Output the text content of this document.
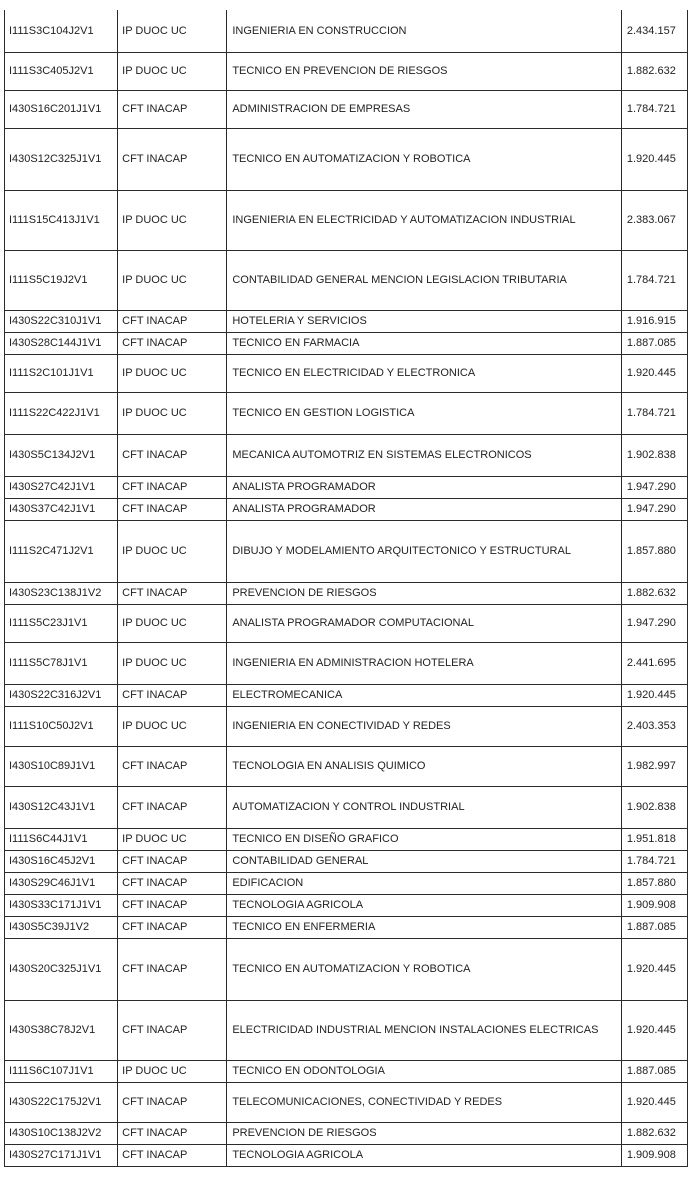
I111S3C104J2V1	IP DUOC UC	INGENIERIA EN CONSTRUCCION	2.434.157
I111S3C405J2V1	IP DUOC UC	TECNICO EN PREVENCION DE RIESGOS	1.882.632
I430S16C201J1V1	CFT INACAP	ADMINISTRACION DE EMPRESAS	1.784.721
I430S12C325J1V1	CFT INACAP	TECNICO EN AUTOMATIZACION Y ROBOTICA	1.920.445
I111S15C413J1V1	IP DUOC UC	INGENIERIA EN ELECTRICIDAD Y AUTOMATIZACION INDUSTRIAL	2.383.067
I111S5C19J2V1	IP DUOC UC	CONTABILIDAD GENERAL MENCION LEGISLACION TRIBUTARIA	1.784.721
I430S22C310J1V1	CFT INACAP	HOTELERIA Y SERVICIOS	1.916.915
I430S28C144J1V1	CFT INACAP	TECNICO EN FARMACIA	1.887.085
I111S2C101J1V1	IP DUOC UC	TECNICO EN ELECTRICIDAD Y ELECTRONICA	1.920.445
I111S22C422J1V1	IP DUOC UC	TECNICO EN GESTION LOGISTICA	1.784.721
I430S5C134J2V1	CFT INACAP	MECANICA AUTOMOTRIZ EN SISTEMAS ELECTRONICOS	1.902.838
I430S27C42J1V1	CFT INACAP	ANALISTA PROGRAMADOR	1.947.290
I430S37C42J1V1	CFT INACAP	ANALISTA PROGRAMADOR	1.947.290
I111S2C471J2V1	IP DUOC UC	DIBUJO Y MODELAMIENTO ARQUITECTONICO Y ESTRUCTURAL	1.857.880
I430S23C138J1V2	CFT INACAP	PREVENCION DE RIESGOS	1.882.632
I111S5C23J1V1	IP DUOC UC	ANALISTA PROGRAMADOR COMPUTACIONAL	1.947.290
I111S5C78J1V1	IP DUOC UC	INGENIERIA EN ADMINISTRACION HOTELERA	2.441.695
I430S22C316J2V1	CFT INACAP	ELECTROMECANICA	1.920.445
I111S10C50J2V1	IP DUOC UC	INGENIERIA EN CONECTIVIDAD Y REDES	2.403.353
I430S10C89J1V1	CFT INACAP	TECNOLOGIA EN ANALISIS QUIMICO	1.982.997
I430S12C43J1V1	CFT INACAP	AUTOMATIZACION Y CONTROL INDUSTRIAL	1.902.838
I111S6C44J1V1	IP DUOC UC	TECNICO EN DISEÑO GRAFICO	1.951.818
I430S16C45J2V1	CFT INACAP	CONTABILIDAD GENERAL	1.784.721
I430S29C46J1V1	CFT INACAP	EDIFICACION	1.857.880
I430S33C171J1V1	CFT INACAP	TECNOLOGIA AGRICOLA	1.909.908
I430S5C39J1V2	CFT INACAP	TECNICO EN ENFERMERIA	1.887.085
I430S20C325J1V1	CFT INACAP	TECNICO EN AUTOMATIZACION Y ROBOTICA	1.920.445
I430S38C78J2V1	CFT INACAP	ELECTRICIDAD INDUSTRIAL MENCION INSTALACIONES ELECTRICAS	1.920.445
I111S6C107J1V1	IP DUOC UC	TECNICO EN ODONTOLOGIA	1.887.085
I430S22C175J2V1	CFT INACAP	TELECOMUNICACIONES, CONECTIVIDAD Y REDES	1.920.445
I430S10C138J2V2	CFT INACAP	PREVENCION DE RIESGOS	1.882.632
I430S27C171J1V1	CFT INACAP	TECNOLOGIA AGRICOLA	1.909.908
